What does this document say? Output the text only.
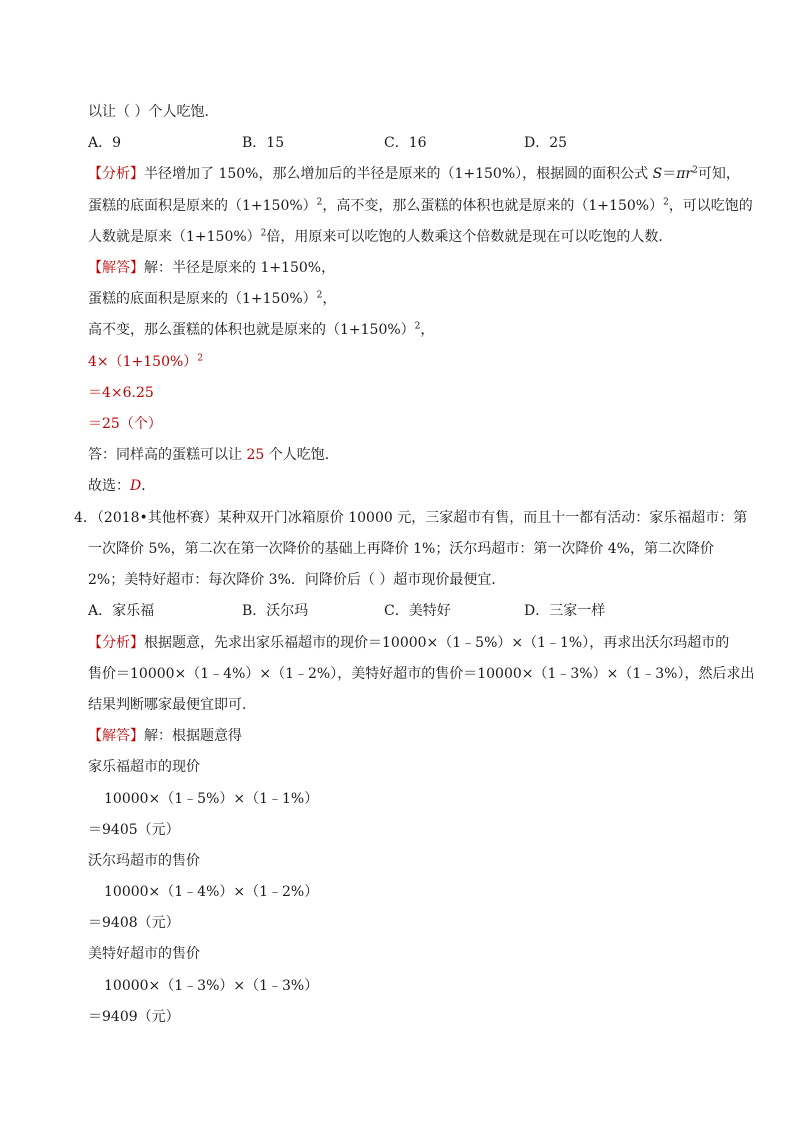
以让（ ）个人吃饱．
A．9	B．15	C．16	D．25
【分析】半径增加了 150%，那么增加后的半径是原来的（1+150%），根据圆的面积公式 $S=\pi r^2$可知，
蛋糕的底面积是原来的$(1+150\%)^2$，高不变，那么蛋糕的体积也就是原来的$(1+150\%)^2$，可以吃饱的
人数就是原来$(1+150\%)^2$倍，用原来可以吃饱的人数乘这个倍数就是现在可以吃饱的人数．
【解答】解：半径是原来的 1+150%，
蛋糕的底面积是原来的$(1+150\%)^2$，
高不变，那么蛋糕的体积也就是原来的$(1+150\%)^2$，
$4\times(1+150\%)^2$
＝4×6.25
＝25（个）
答：同样高的蛋糕可以让 25 个人吃饱．
故选：D．
4．（2018•其他杯赛）某种双开门冰箱原价 10000 元，三家超市有售，而且十一都有活动：家乐福超市：第
一次降价 5%，第二次在第一次降价的基础上再降价 1%；沃尔玛超市：第一次降价 4%，第二次降价
2%；美特好超市：每次降价 3%．问降价后（ ）超市现价最便宜．
A．家乐福	B．沃尔玛	C．美特好	D．三家一样
【分析】根据题意，先求出家乐福超市的现价＝10000×（1﹣5%）×（1﹣1%），再求出沃尔玛超市的
售价＝10000×（1﹣4%）×（1﹣2%），美特好超市的售价＝10000×（1﹣3%）×（1﹣3%），然后求出
结果判断哪家最便宜即可．
【解答】解：根据题意得
家乐福超市的现价
10000×（1﹣5%）×（1﹣1%）
＝9405（元）
沃尔玛超市的售价
10000×（1﹣4%）×（1﹣2%）
＝9408（元）
美特好超市的售价
10000×（1﹣3%）×（1﹣3%）
＝9409（元）
